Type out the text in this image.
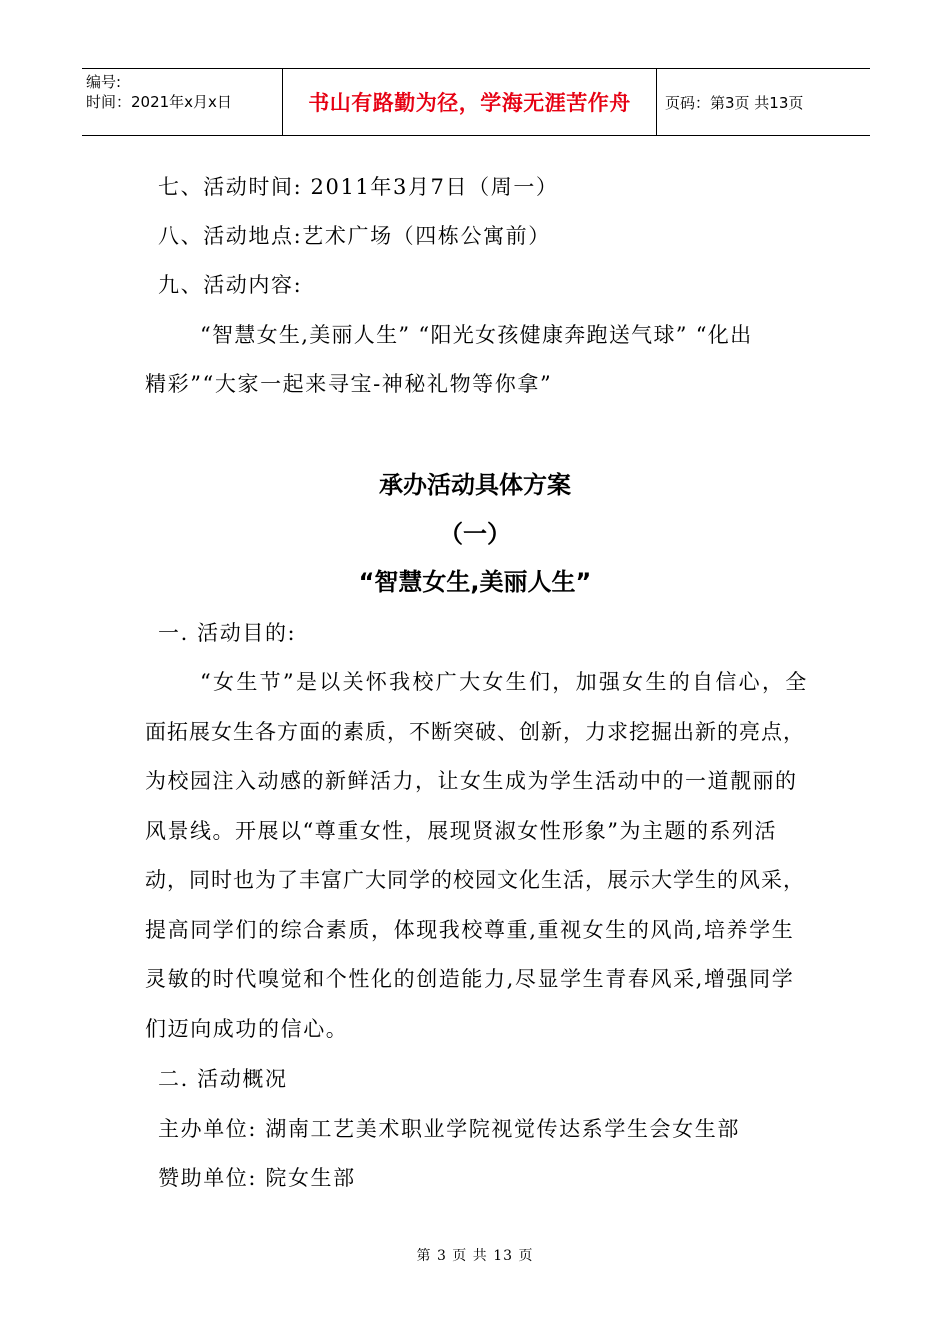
编号:
时间：2021年x月x日	书山有路勤为径，学海无涯苦作舟	页码：第3页 共13页
七、活动时间: 2011年3月7日（周一）
八、活动地点:艺术广场（四栋公寓前）
九、活动内容:
“智慧女生,美丽人生” “阳光女孩健康奔跑送气球” “化出
精彩”“大家一起来寻宝-神秘礼物等你拿”
承办活动具体方案
（一）
“智慧女生,美丽人生”
一. 活动目的:
“女生节”是以关怀我校广大女生们，加强女生的自信心，全
面拓展女生各方面的素质，不断突破、创新，力求挖掘出新的亮点，
为校园注入动感的新鲜活力，让女生成为学生活动中的一道靓丽的
风景线。开展以“尊重女性，展现贤淑女性形象”为主题的系列活
动，同时也为了丰富广大同学的校园文化生活，展示大学生的风采，
提高同学们的综合素质，体现我校尊重,重视女生的风尚,培养学生
灵敏的时代嗅觉和个性化的创造能力,尽显学生青春风采,增强同学
们迈向成功的信心。
二. 活动概况
主办单位: 湖南工艺美术职业学院视觉传达系学生会女生部
赞助单位: 院女生部
第 3 页 共 13 页
